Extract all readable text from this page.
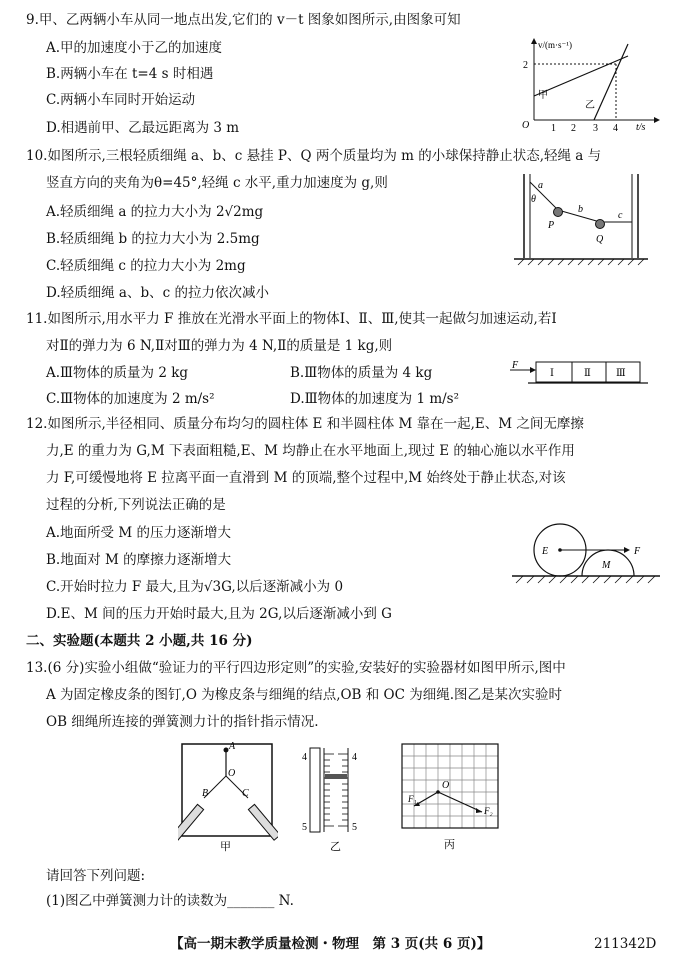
9.甲、乙两辆小车从同一地点出发,它们的 v－t 图象如图所示,由图象可知
A.甲的加速度小于乙的加速度
B.两辆小车在 t=4 s 时相遇
C.两辆小车同时开始运动
D.相遇前甲、乙最远距离为 3 m
v/(m·s⁻¹)
t/s
2
O 1 2 3 4
甲
乙
10.如图所示,三根轻质细绳 a、b、c 悬挂 P、Q 两个质量均为 m 的小球保持静止状态,轻绳 a 与
竖直方向的夹角为θ=45°,轻绳 c 水平,重力加速度为 g,则
A.轻质细绳 a 的拉力大小为 2√2mg
B.轻质细绳 b 的拉力大小为 2.5mg
C.轻质细绳 c 的拉力大小为 2mg
D.轻质细绳 a、b、c 的拉力依次减小
a
θ
b
c
P
Q
11.如图所示,用水平力 F 推放在光滑水平面上的物体Ⅰ、Ⅱ、Ⅲ,使其一起做匀加速运动,若Ⅰ
对Ⅱ的弹力为 6 N,Ⅱ对Ⅲ的弹力为 4 N,Ⅱ的质量是 1 kg,则
A.Ⅲ物体的质量为 2 kg	B.Ⅲ物体的质量为 4 kg
C.Ⅲ物体的加速度为 2 m/s²	D.Ⅲ物体的加速度为 1 m/s²
F
Ⅰ	Ⅱ	Ⅲ
12.如图所示,半径相同、质量分布均匀的圆柱体 E 和半圆柱体 M 靠在一起,E、M 之间无摩擦
力,E 的重力为 G,M 下表面粗糙,E、M 均静止在水平地面上,现过 E 的轴心施以水平作用
力 F,可缓慢地将 E 拉离平面一直滑到 M 的顶端,整个过程中,M 始终处于静止状态,对该
过程的分析,下列说法正确的是
A.地面所受 M 的压力逐渐增大
B.地面对 M 的摩擦力逐渐增大
C.开始时拉力 F 最大,且为√3G,以后逐渐减小为 0
D.E、M 间的压力开始时最大,且为 2G,以后逐渐减小到 G
E
M
F
二、实验题(本题共 2 小题,共 16 分)
13.(6 分)实验小组做“验证力的平行四边形定则”的实验,安装好的实验器材如图甲所示,图中
A 为固定橡皮条的图钉,O 为橡皮条与细绳的结点,OB 和 OC 为细绳.图乙是某次实验时
OB 细绳所连接的弹簧测力计的指针指示情况.
A
O
B	C
甲
4	4
5	5
乙
O
F₁
F₂
丙
请回答下列问题:
(1)图乙中弹簧测力计的读数为_______ N.
【高一期末教学质量检测・物理　第 3 页(共 6 页)】	211342D
